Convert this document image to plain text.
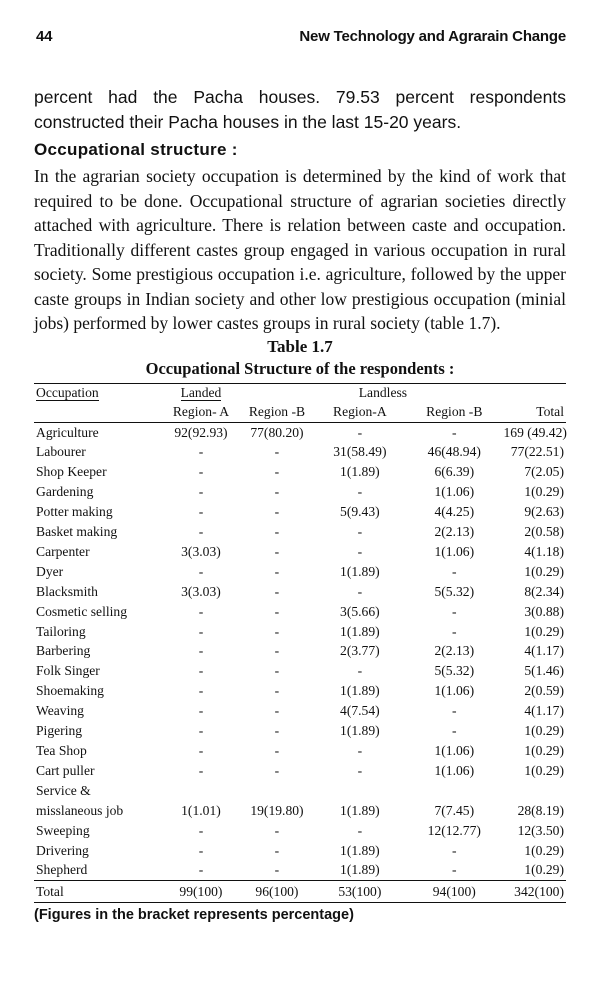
44	New Technology and Agrarain Change

percent had the Pacha houses. 79.53 percent respondents constructed their Pacha houses in the last 15-20 years.

Occupational structure :

In the agrarian society occupation is determined by the kind of work that required to be done. Occupational structure of agrarian societies directly attached with agriculture. There is relation between caste and occupation. Traditionally different castes group engaged in various occupation in rural society. Some prestigious occupation i.e. agriculture, followed by the upper caste groups in Indian society and other low prestigious occupation (minial jobs) performed by lower castes groups in rural society (table 1.7).

Table 1.7
Occupational Structure of the respondents :
Occupation	Landed		Landless		
	Region- A	Region -B	Region-A	Region -B	Total
Agriculture	92(92.93)	77(80.20)	-	-	169 (49.42)
Labourer	-	-	31(58.49)	46(48.94)	77(22.51)
Shop Keeper	-	-	1(1.89)	6(6.39)	7(2.05)
Gardening	-	-	-	1(1.06)	1(0.29)
Potter making	-	-	5(9.43)	4(4.25)	9(2.63)
Basket making	-	-	-	2(2.13)	2(0.58)
Carpenter	3(3.03)	-	-	1(1.06)	4(1.18)
Dyer	-	-	1(1.89)	-	1(0.29)
Blacksmith	3(3.03)	-	-	5(5.32)	8(2.34)
Cosmetic selling	-	-	3(5.66)	-	3(0.88)
Tailoring	-	-	1(1.89)	-	1(0.29)
Barbering	-	-	2(3.77)	2(2.13)	4(1.17)
Folk Singer	-	-	-	5(5.32)	5(1.46)
Shoemaking	-	-	1(1.89)	1(1.06)	2(0.59)
Weaving	-	-	4(7.54)	-	4(1.17)
Pigering	-	-	1(1.89)	-	1(0.29)
Tea Shop	-	-	-	1(1.06)	1(0.29)
Cart puller	-	-	-	1(1.06)	1(0.29)
Service &					
misslaneous job	1(1.01)	19(19.80)	1(1.89)	7(7.45)	28(8.19)
Sweeping	-	-	-	12(12.77)	12(3.50)
Drivering	-	-	1(1.89)	-	1(0.29)
Shepherd	-	-	1(1.89)	-	1(0.29)
Total	99(100)	96(100)	53(100)	94(100)	342(100)
(Figures in the bracket represents percentage)
